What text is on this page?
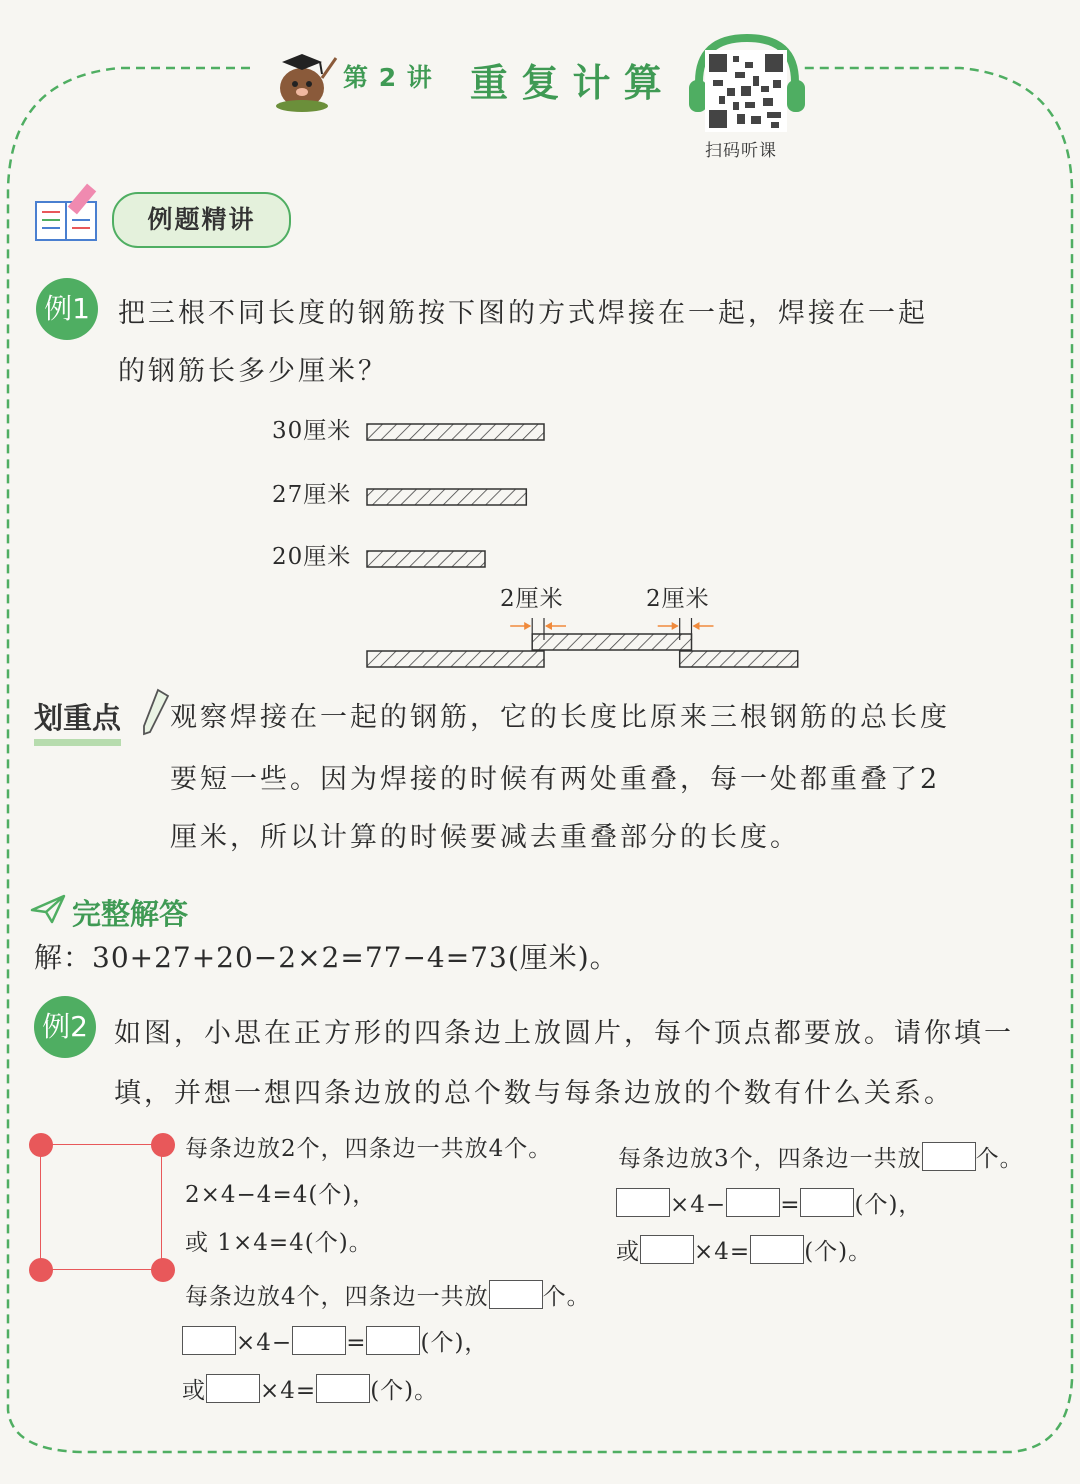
第 2 讲 重 复 计 算
扫码听课
例题精讲
例1 把三根不同长度的钢筋按下图的方式焊接在一起，焊接在一起
的钢筋长多少厘米？
30厘米
27厘米
20厘米
2厘米	2厘米
划重点 观察焊接在一起的钢筋，它的长度比原来三根钢筋的总长度
要短一些。因为焊接的时候有两处重叠，每一处都重叠了2
厘米，所以计算的时候要减去重叠部分的长度。
完整解答
解：30+27+20−2×2=77−4=73(厘米)。
例2 如图，小思在正方形的四条边上放圆片，每个顶点都要放。请你填一
填，并想一想四条边放的总个数与每条边放的个数有什么关系。
每条边放2个，四条边一共放4个。
2×4−4=4(个)，
或 1×4=4(个)。
每条边放3个，四条边一共放 个。
×4− = (个)，
或 ×4= (个)。
每条边放4个，四条边一共放 个。
×4− = (个)，
或 ×4= (个)。
